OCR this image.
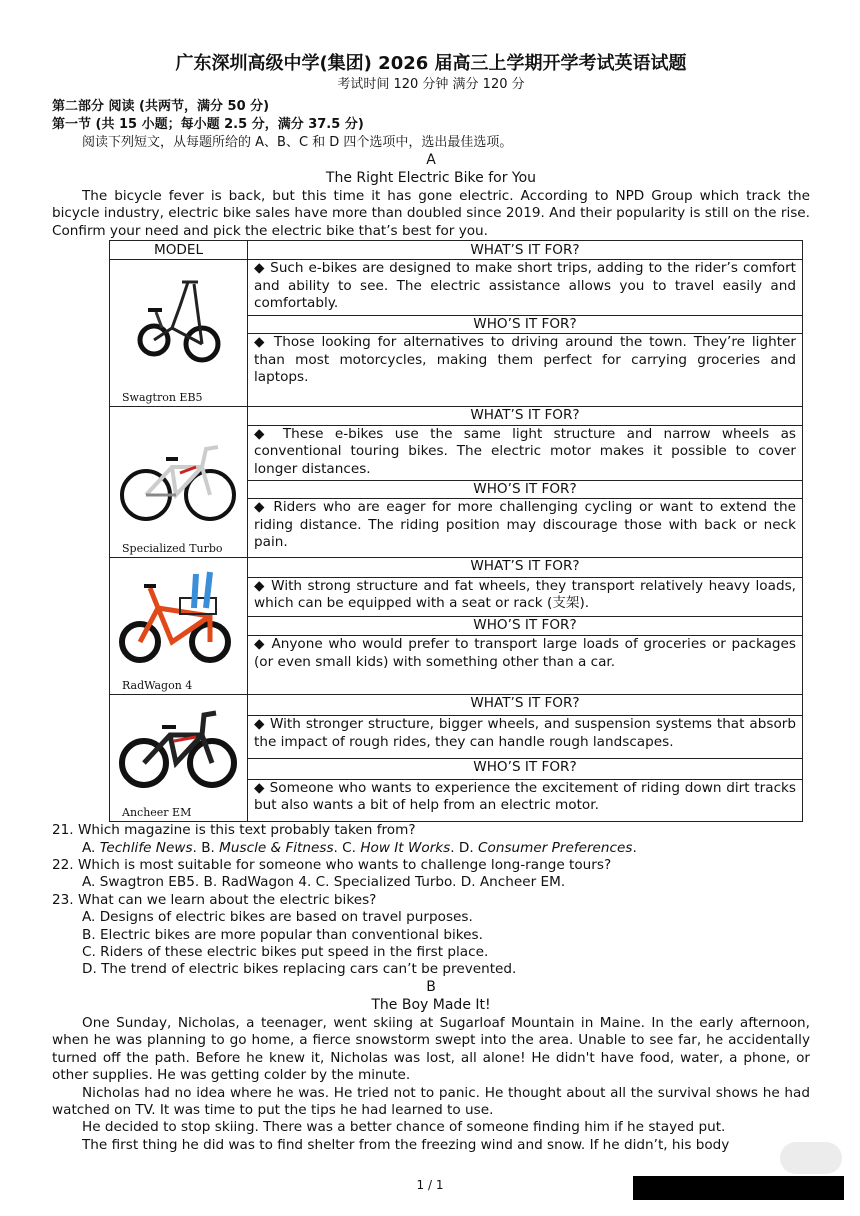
广东深圳高级中学(集团) 2026 届高三上学期开学考试英语试题
考试时间 120 分钟 满分 120 分
第二部分 阅读 (共两节，满分 50 分)
第一节 (共 15 小题；每小题 2.5 分，满分 37.5 分)
阅读下列短文，从每题所给的 A、B、C 和 D 四个选项中，选出最佳选项。
A
The Right Electric Bike for You
The bicycle fever is back, but this time it has gone electric. According to NPD Group which track the bicycle industry, electric bike sales have more than doubled since 2019. And their popularity is still on the rise. Confirm your need and pick the electric bike that’s best for you.
MODEL	WHAT’S IT FOR?

Swagtron EB5	◆ Such e-bikes are designed to make short trips, adding to the rider’s comfort and ability to see. The electric assistance allows you to travel easily and comfortably.
	WHO’S IT FOR?
	◆ Those looking for alternatives to driving around the town. They’re lighter than most motorcycles, making them perfect for carrying groceries and laptops.

Specialized Turbo	WHAT’S IT FOR?
	◆ These e-bikes use the same light structure and narrow wheels as conventional touring bikes. The electric motor makes it possible to cover longer distances.
	WHO’S IT FOR?
	◆ Riders who are eager for more challenging cycling or want to extend the riding distance. The riding position may discourage those with back or neck pain.

RadWagon 4	WHAT’S IT FOR?
	◆ With strong structure and fat wheels, they transport relatively heavy loads, which can be equipped with a seat or rack (支架).
	WHO’S IT FOR?
	◆ Anyone who would prefer to transport large loads of groceries or packages (or even small kids) with something other than a car.

Ancheer EM	WHAT’S IT FOR?
	◆ With stronger structure, bigger wheels, and suspension systems that absorb the impact of rough rides, they can handle rough landscapes.
	WHO’S IT FOR?
	◆ Someone who wants to experience the excitement of riding down dirt tracks but also wants a bit of help from an electric motor.
21. Which magazine is this text probably taken from?
A. Techlife News. B. Muscle & Fitness. C. How It Works. D. Consumer Preferences.
22. Which is most suitable for someone who wants to challenge long-range tours?
A. Swagtron EB5. B. RadWagon 4. C. Specialized Turbo. D. Ancheer EM.
23. What can we learn about the electric bikes?
A. Designs of electric bikes are based on travel purposes.
B. Electric bikes are more popular than conventional bikes.
C. Riders of these electric bikes put speed in the first place.
D. The trend of electric bikes replacing cars can’t be prevented.
B
The Boy Made It!
One Sunday, Nicholas, a teenager, went skiing at Sugarloaf Mountain in Maine. In the early afternoon, when he was planning to go home, a fierce snowstorm swept into the area. Unable to see far, he accidentally turned off the path. Before he knew it, Nicholas was lost, all alone! He didn't have food, water, a phone, or other supplies. He was getting colder by the minute.
Nicholas had no idea where he was. He tried not to panic. He thought about all the survival shows he had watched on TV. It was time to put the tips he had learned to use.
He decided to stop skiing. There was a better chance of someone finding him if he stayed put.
The first thing he did was to find shelter from the freezing wind and snow. If he didn’t, his body
1 / 1
